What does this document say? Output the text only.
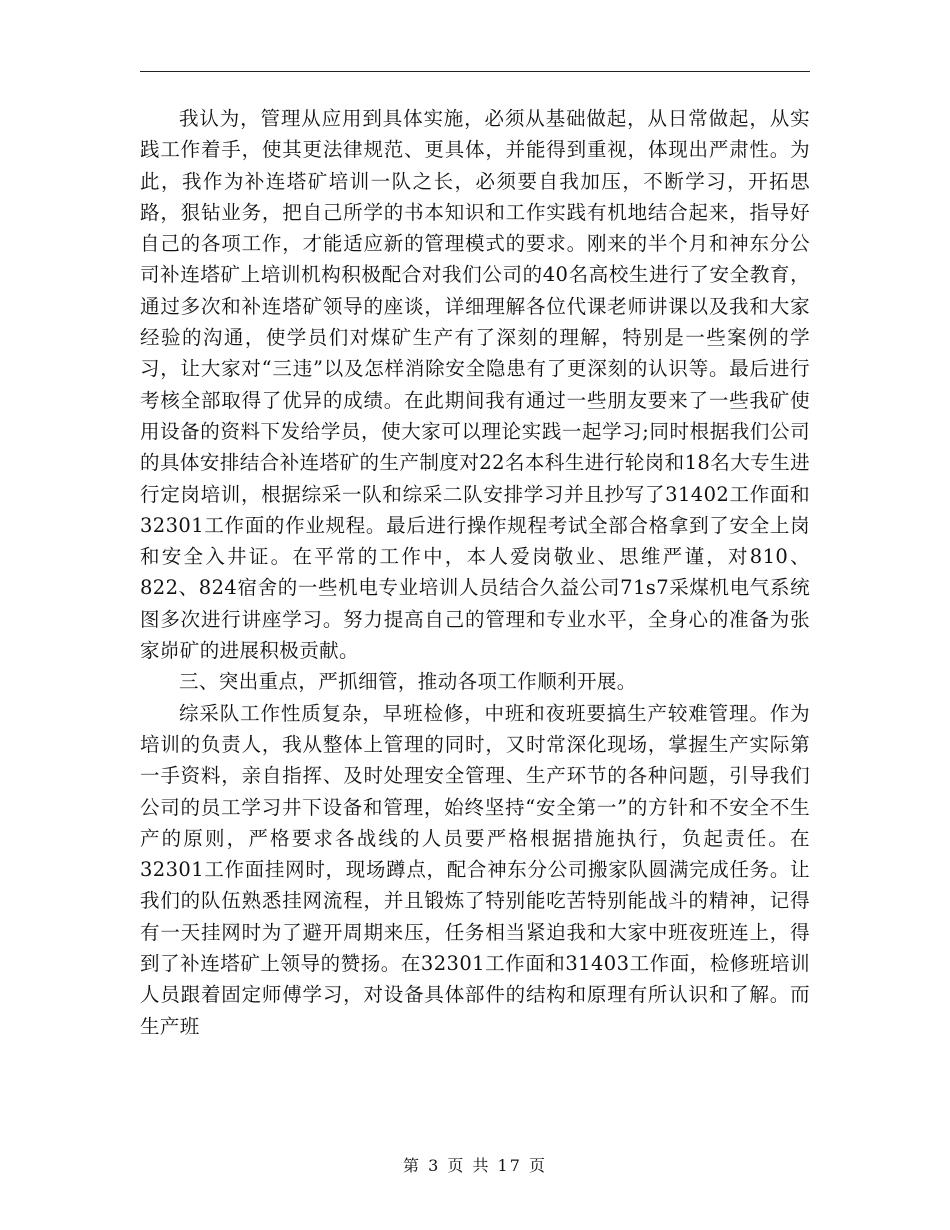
我认为，管理从应用到具体实施，必须从基础做起，从日常做起，从实践工作着手，使其更法律规范、更具体，并能得到重视，体现出严肃性。为此，我作为补连塔矿培训一队之长，必须要自我加压，不断学习，开拓思路，狠钻业务，把自己所学的书本知识和工作实践有机地结合起来，指导好自己的各项工作，才能适应新的管理模式的要求。刚来的半个月和神东分公司补连塔矿上培训机构积极配合对我们公司的40名高校生进行了安全教育，通过多次和补连塔矿领导的座谈，详细理解各位代课老师讲课以及我和大家经验的沟通，使学员们对煤矿生产有了深刻的理解，特别是一些案例的学习，让大家对“三违”以及怎样消除安全隐患有了更深刻的认识等。最后进行考核全部取得了优异的成绩。在此期间我有通过一些朋友要来了一些我矿使用设备的资料下发给学员，使大家可以理论实践一起学习;同时根据我们公司的具体安排结合补连塔矿的生产制度对22名本科生进行轮岗和18名大专生进行定岗培训，根据综采一队和综采二队安排学习并且抄写了31402工作面和32301工作面的作业规程。最后进行操作规程考试全部合格拿到了安全上岗和安全入井证。在平常的工作中，本人爱岗敬业、思维严谨，对810、 822、824宿舍的一些机电专业培训人员结合久益公司71s7采煤机电气系统图多次进行讲座学习。努力提高自己的管理和专业水平，全身心的准备为张家峁矿的进展积极贡献。

三、突出重点，严抓细管，推动各项工作顺利开展。

综采队工作性质复杂，早班检修，中班和夜班要搞生产较难管理。作为培训的负责人，我从整体上管理的同时，又时常深化现场，掌握生产实际第一手资料，亲自指挥、及时处理安全管理、生产环节的各种问题，引导我们公司的员工学习井下设备和管理，始终坚持“安全第一”的方针和不安全不生产的原则，严格要求各战线的人员要严格根据措施执行，负起责任。在32301工作面挂网时，现场蹲点，配合神东分公司搬家队圆满完成任务。让我们的队伍熟悉挂网流程，并且锻炼了特别能吃苦特别能战斗的精神，记得有一天挂网时为了避开周期来压，任务相当紧迫我和大家中班夜班连上，得到了补连塔矿上领导的赞扬。在32301工作面和31403工作面，检修班培训人员跟着固定师傅学习，对设备具体部件的结构和原理有所认识和了解。而生产班

第 3 页 共 17 页
